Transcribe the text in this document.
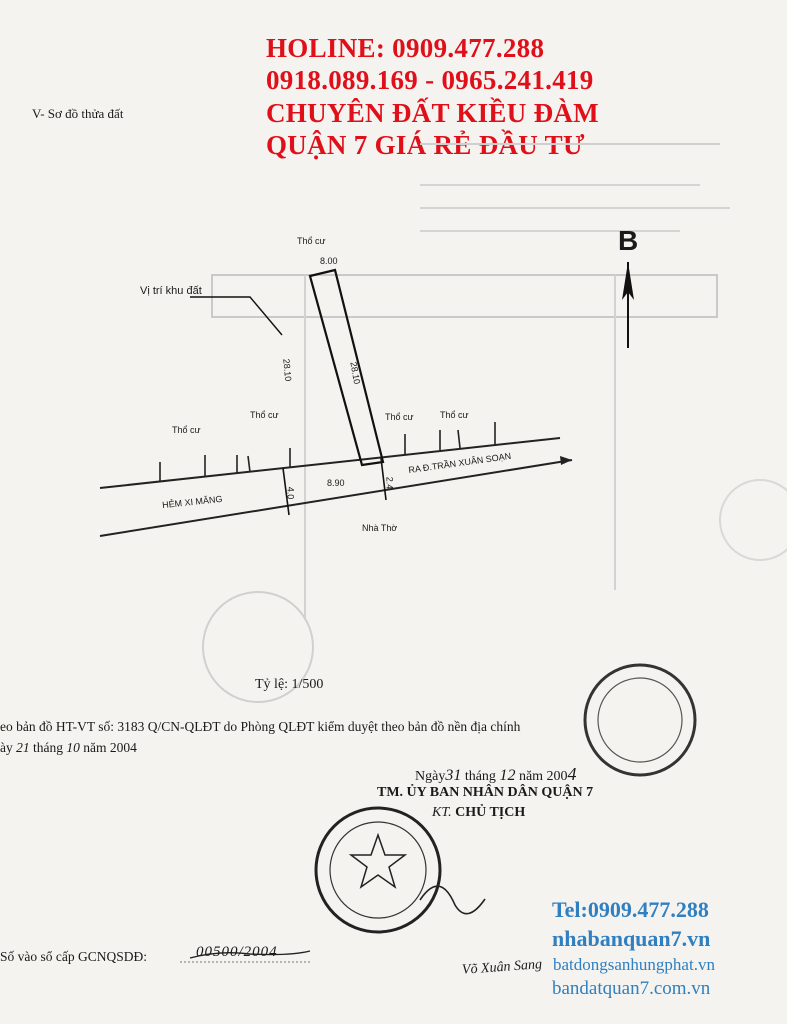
HOLINE: 0909.477.288
0918.089.169 - 0965.241.419
CHUYÊN ĐẤT KIỀU ĐÀM
QUẬN 7 GIÁ RẺ ĐẦU TƯ
V- Sơ đồ thửa đất
B
Thổ cư
8.00
Vị trí khu đất
28.10	28.10
Thổ cư
Thổ cư
Thổ cư	Thổ cư
HẺM XI MĂNG
4.0
8.90	2.4
RA Đ.TRẦN XUÂN SOẠN
Nhà Thờ
Tỷ lệ: 1/500
eo bản đồ HT-VT số: 3183 Q/CN-QLĐT do Phòng QLĐT kiểm duyệt theo bản đồ nền địa chính
ày 21 tháng 10 năm 2004
Ngày31 tháng 12 năm 2004
TM. ỦY BAN NHÂN DÂN QUẬN 7
KT. CHỦ TỊCH
Võ Xuân Sang
Số vào sổ cấp GCNQSDĐ:	00500/2004
Tel:0909.477.288
nhabanquan7.vn
batdongsanhungphat.vn
bandatquan7.com.vn
